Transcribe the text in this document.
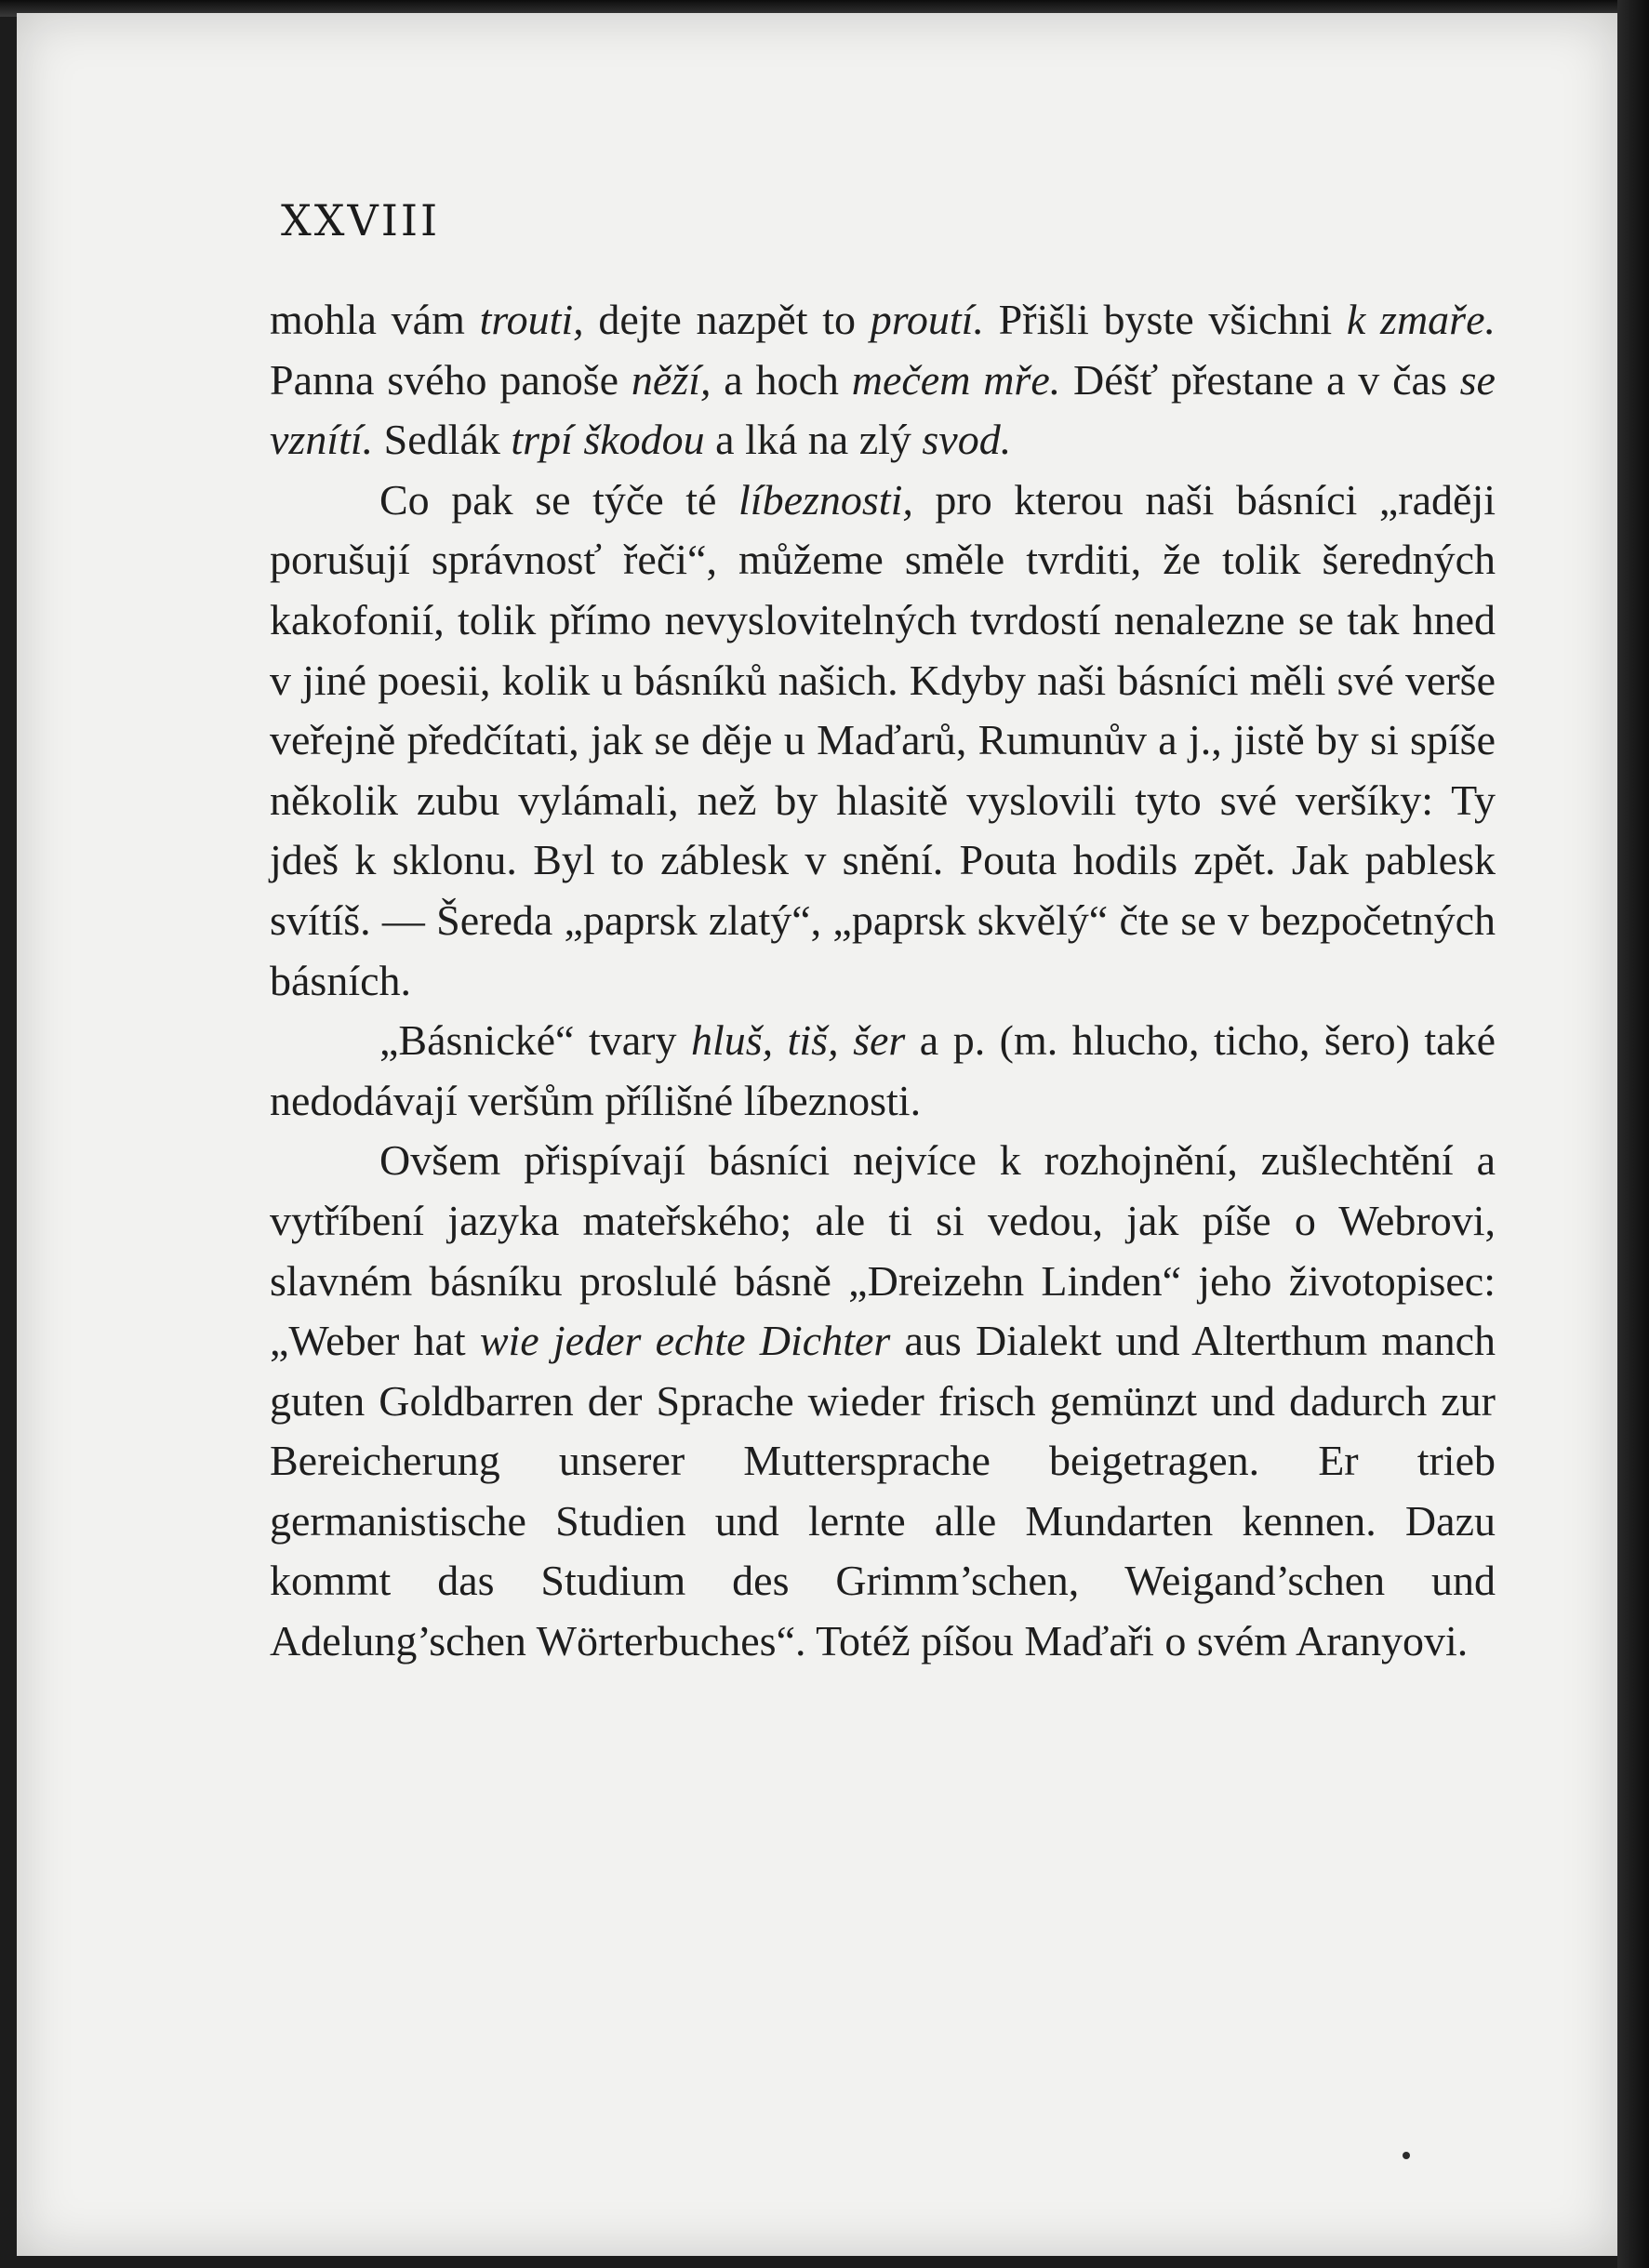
XXVIII

mohla vám trouti, dejte nazpět to proutí. Přišli byste všichni k zmaře. Panna svého panoše něží, a hoch mečem mře. Déšť přestane a v čas se vznítí. Sedlák trpí škodou a lká na zlý svod.

Co pak se týče té líbeznosti, pro kterou naši básníci „raději porušují správnosť řeči“, můžeme směle tvrditi, že tolik šeredných kakofonií, tolik přímo nevyslovitelných tvrdostí nenalezne se tak hned v jiné poesii, kolik u básníků našich. Kdyby naši básníci měli své verše veřejně předčítati, jak se děje u Maďarů, Rumunův a j., jistě by si spíše několik zubu vylámali, než by hlasitě vyslovili tyto své veršíky: Ty jdeš k sklonu. Byl to záblesk v snění. Pouta hodils zpět. Jak pablesk svítíš. — Šereda „paprsk zlatý“, „paprsk skvělý“ čte se v bezpočetných básních.

„Básnické“ tvary hluš, tiš, šer a p. (m. hlucho, ticho, šero) také nedodávají veršům přílišné líbeznosti.

Ovšem přispívají básníci nejvíce k rozhojnění, zušlechtění a vytříbení jazyka mateřského; ale ti si vedou, jak píše o Webrovi, slavném básníku proslulé básně „Dreizehn Linden“ jeho životopisec: „Weber hat wie jeder echte Dichter aus Dialekt und Alterthum manch guten Goldbarren der Sprache wieder frisch gemünzt und dadurch zur Bereicherung unserer Muttersprache beigetragen. Er trieb germanistische Studien und lernte alle Mundarten kennen. Dazu kommt das Studium des Grimm’schen, Weigand’schen und Adelung’schen Wörterbuches“. Totéž píšou Maďaři o svém Aranyovi.
